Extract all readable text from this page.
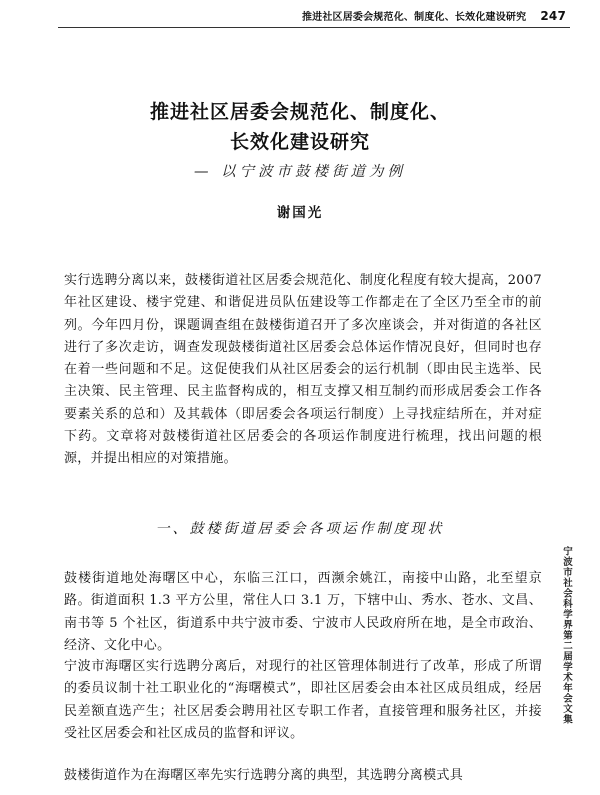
推进社区居委会规范化、制度化、长效化建设研究 247
推进社区居委会规范化、制度化、
长效化建设研究
— 以宁波市鼓楼街道为例
谢国光

实行选聘分离以来，鼓楼街道社区居委会规范化、制度化程度有较大提高，2007 年社区建设、楼宇党建、和谐促进员队伍建设等工作都走在了全区乃至全市的前列。今年四月份，课题调查组在鼓楼街道召开了多次座谈会，并对街道的各社区进行了多次走访，调查发现鼓楼街道社区居委会总体运作情况良好，但同时也存在着一些问题和不足。这促使我们从社区居委会的运行机制（即由民主选举、民主决策、民主管理、民主监督构成的，相互支撑又相互制约而形成居委会工作各要素关系的总和）及其载体（即居委会各项运行制度）上寻找症结所在，并对症下药。文章将对鼓楼街道社区居委会的各项运作制度进行梳理，找出问题的根源，并提出相应的对策措施。

一、鼓楼街道居委会各项运作制度现状

鼓楼街道地处海曙区中心，东临三江口，西濒余姚江，南接中山路，北至望京路。街道面积 1.3 平方公里，常住人口 3.1 万，下辖中山、秀水、苍水、文昌、南书等 5 个社区，街道系中共宁波市委、宁波市人民政府所在地，是全市政治、经济、文化中心。

宁波市海曙区实行选聘分离后，对现行的社区管理体制进行了改革，形成了所谓的委员议制十社工职业化的“海曙模式”，即社区居委会由本社区成员组成，经居民差额直选产生；社区居委会聘用社区专职工作者，直接管理和服务社区，并接受社区居委会和社区成员的监督和评议。

鼓楼街道作为在海曙区率先实行选聘分离的典型，其选聘分离模式具

宁波市社会科学界第二届学术年会文集
